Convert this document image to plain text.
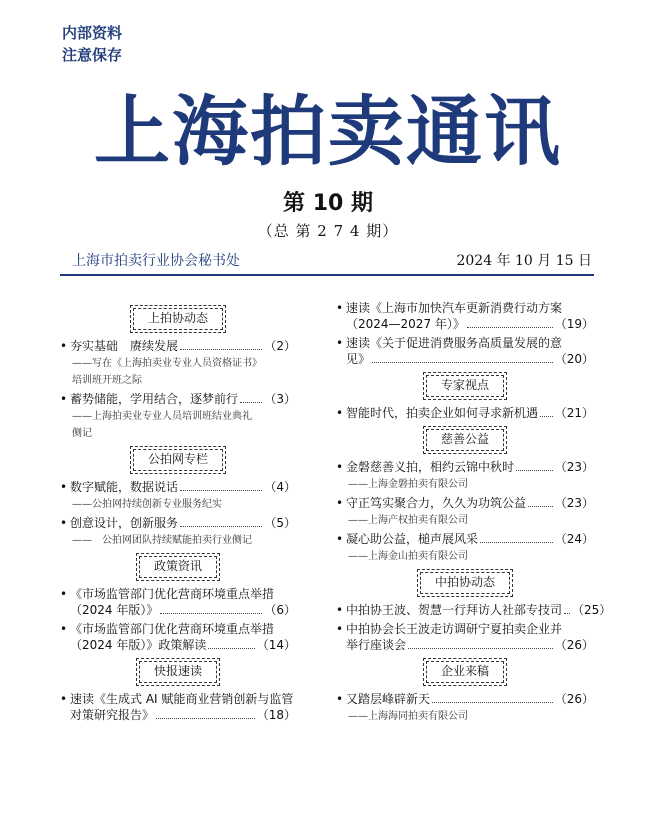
内部资料
注意保存
上海拍卖通讯
第 10 期
（总 第 2 7 4 期）
上海市拍卖行业协会秘书处	2024 年 10 月 15 日
上拍协动态
• 夯实基础　赓续发展	（2）
——写在《上海拍卖业专业人员资格证书》
培训班开班之际
• 蓄势储能，学用结合，逐梦前行 （3）
——上海拍卖业专业人员培训班结业典礼
侧记
公拍网专栏
• 数字赋能，数据说话	（4）
——公拍网持续创新专业服务纪实
• 创意设计，创新服务	（5）
——　公拍网团队持续赋能拍卖行业侧记
政策资讯
• 《市场监管部门优化营商环境重点举措
（2024 年版）》	（6）
• 《市场监管部门优化营商环境重点举措
（2024 年版）》政策解读	（14）
快报速读
• 速读《生成式 AI 赋能商业营销创新与监管
对策研究报告》	（18）
• 速读《上海市加快汽车更新消费行动方案
（2024—2027 年）》	（19）
• 速读《关于促进消费服务高质量发展的意
见》	（20）
专家视点
• 智能时代，拍卖企业如何寻求新机遇 （21）
慈善公益
• 金磐慈善义拍，相约云锦中秋时	（23）
——上海金磐拍卖有限公司
• 守正笃实聚合力，久久为功筑公益 （23）
——上海产权拍卖有限公司
• 凝心助公益，槌声展风采	（24）
——上海金山拍卖有限公司
中拍协动态
• 中拍协王波、贺慧一行拜访人社部专技司 （25）
• 中拍协会长王波走访调研宁夏拍卖企业并
举行座谈会	（26）
企业来稿
• 又踏层峰辟新天	（26）
——上海海同拍卖有限公司
